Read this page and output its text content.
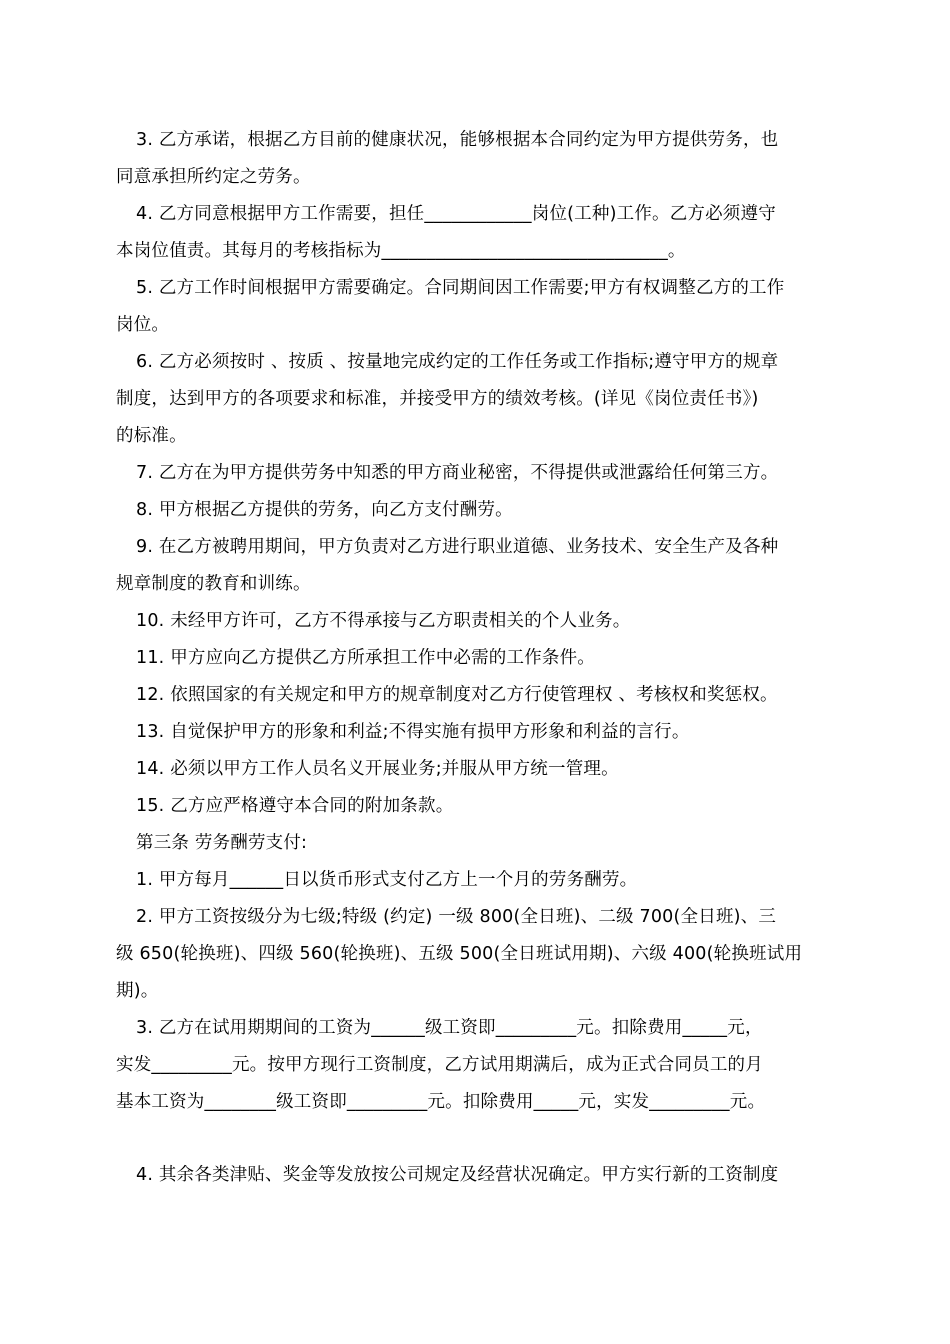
3. 乙方承诺，根据乙方目前的健康状况，能够根据本合同约定为甲方提供劳务，也
同意承担所约定之劳务。
4. 乙方同意根据甲方工作需要，担任____________岗位(工种)工作。乙方必须遵守
本岗位值责。其每月的考核指标为________________________________。
5. 乙方工作时间根据甲方需要确定。合同期间因工作需要;甲方有权调整乙方的工作
岗位。
6. 乙方必须按时 、按质 、按量地完成约定的工作任务或工作指标;遵守甲方的规章
制度，达到甲方的各项要求和标准，并接受甲方的绩效考核。(详见《岗位责任书》)
的标准。
7. 乙方在为甲方提供劳务中知悉的甲方商业秘密，不得提供或泄露给任何第三方。
8. 甲方根据乙方提供的劳务，向乙方支付酬劳。
9. 在乙方被聘用期间，甲方负责对乙方进行职业道德、业务技术、安全生产及各种
规章制度的教育和训练。
10. 未经甲方许可，乙方不得承接与乙方职责相关的个人业务。
11. 甲方应向乙方提供乙方所承担工作中必需的工作条件。
12. 依照国家的有关规定和甲方的规章制度对乙方行使管理权 、考核权和奖惩权。
13. 自觉保护甲方的形象和利益;不得实施有损甲方形象和利益的言行。
14. 必须以甲方工作人员名义开展业务;并服从甲方统一管理。
15. 乙方应严格遵守本合同的附加条款。
第三条 劳务酬劳支付:
1. 甲方每月______日以货币形式支付乙方上一个月的劳务酬劳。
2. 甲方工资按级分为七级;特级 (约定) 一级 800(全日班)、二级 700(全日班)、三
级 650(轮换班)、四级 560(轮换班)、五级 500(全日班试用期)、六级 400(轮换班试用
期)。
3. 乙方在试用期期间的工资为______级工资即_________元。扣除费用_____元，
实发_________元。按甲方现行工资制度，乙方试用期满后，成为正式合同员工的月
基本工资为________级工资即_________元。扣除费用_____元，实发_________元。
4. 其余各类津贴、奖金等发放按公司规定及经营状况确定。甲方实行新的工资制度
